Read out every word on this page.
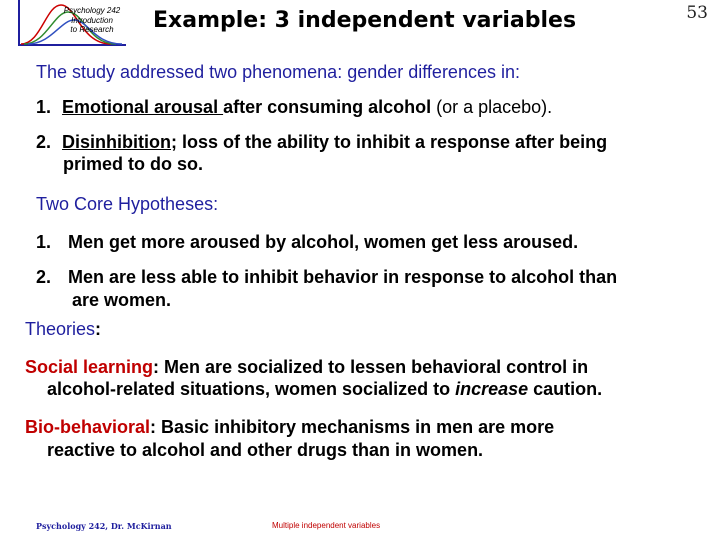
Psychology 242
Introduction
to Research	Example: 3 independent variables	53
The study addressed two phenomena: gender differences in:
1. Emotional arousal after consuming alcohol (or a placebo).
2. Disinhibition; loss of the ability to inhibit a response after being
primed to do so.
Two Core Hypotheses:
1. Men get more aroused by alcohol, women get less aroused.
2. Men are less able to inhibit behavior in response to alcohol than
are women.
Theories:
Social learning: Men are socialized to lessen behavioral control in
alcohol-related situations, women socialized to increase caution.
Bio-behavioral: Basic inhibitory mechanisms in men are more
reactive to alcohol and other drugs than in women.
Psychology 242, Dr. McKirnan	Multiple independent variables
